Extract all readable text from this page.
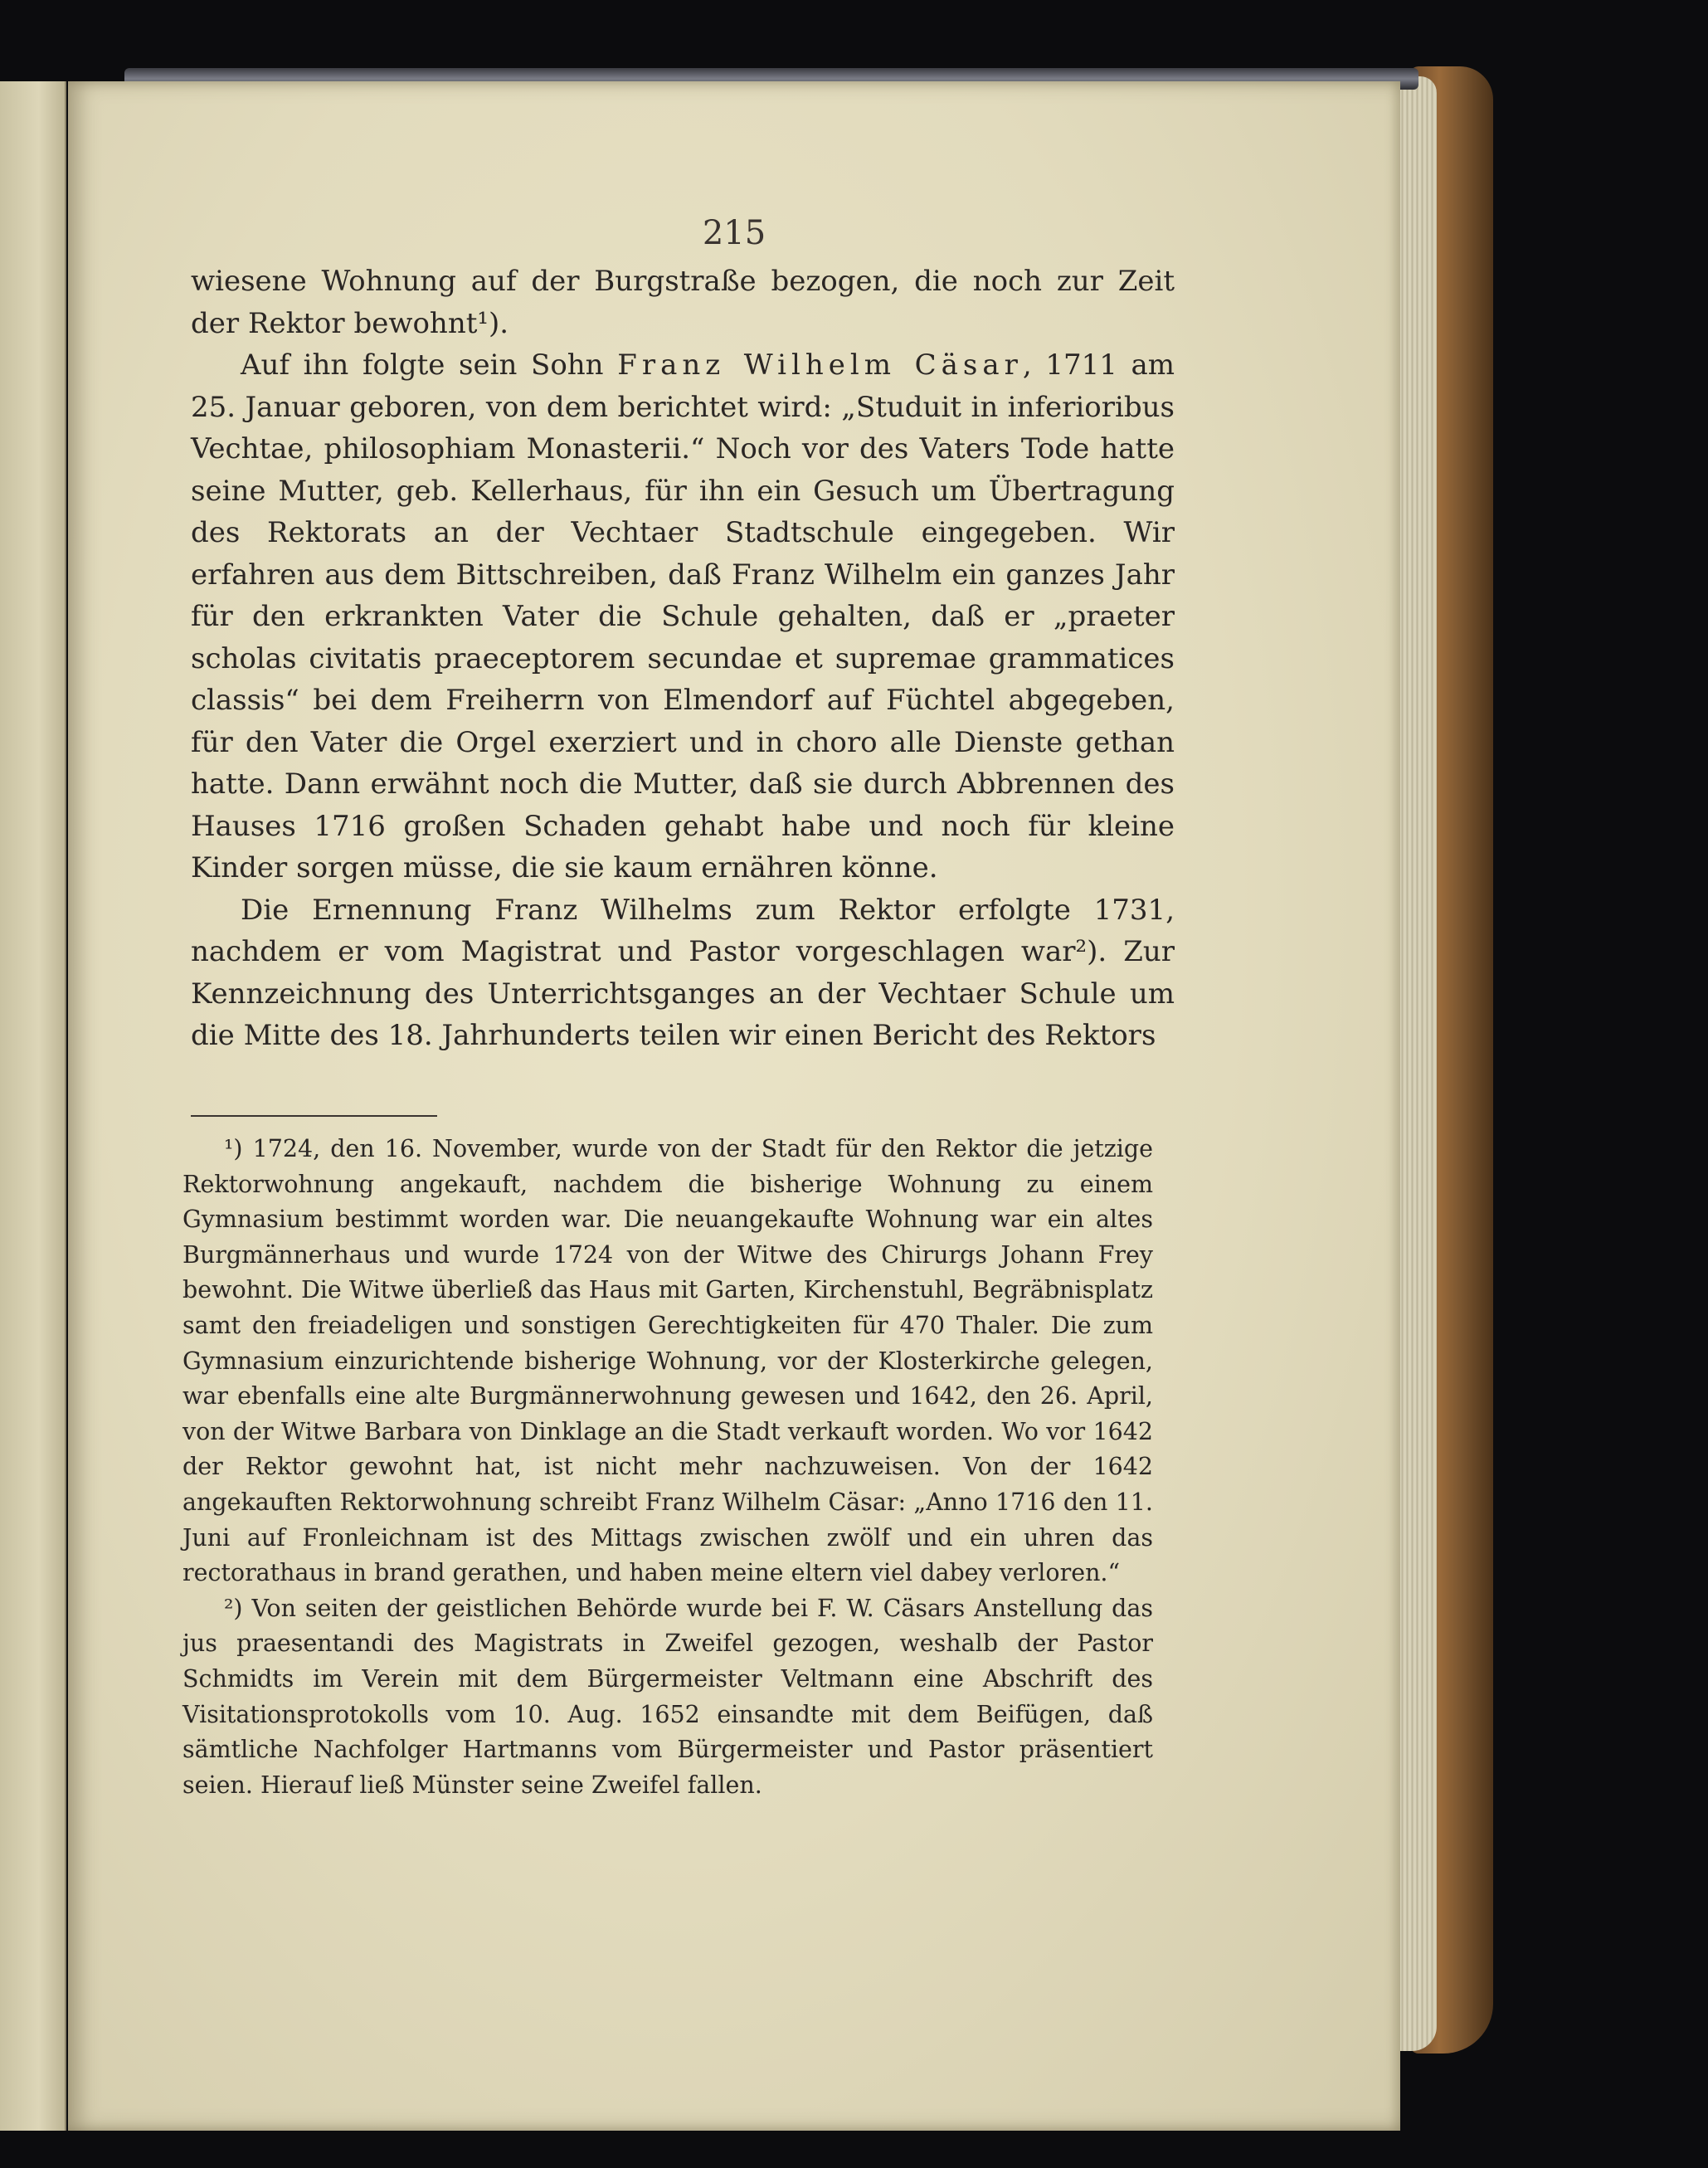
215

wiesene Wohnung auf der Burgstraße bezogen, die noch zur Zeit der Rektor bewohnt¹).

Auf ihn folgte sein Sohn Franz Wilhelm Cäsar, 1711 am 25. Januar geboren, von dem berichtet wird: „Studuit in inferioribus Vechtae, philosophiam Monasterii.“ Noch vor des Vaters Tode hatte seine Mutter, geb. Kellerhaus, für ihn ein Gesuch um Übertragung des Rektorats an der Vechtaer Stadtschule eingegeben. Wir erfahren aus dem Bittschreiben, daß Franz Wilhelm ein ganzes Jahr für den erkrankten Vater die Schule gehalten, daß er „praeter scholas civitatis praeceptorem secundae et supremae grammatices classis“ bei dem Freiherrn von Elmendorf auf Füchtel abgegeben, für den Vater die Orgel exerziert und in choro alle Dienste gethan hatte. Dann erwähnt noch die Mutter, daß sie durch Abbrennen des Hauses 1716 großen Schaden gehabt habe und noch für kleine Kinder sorgen müsse, die sie kaum ernähren könne.

Die Ernennung Franz Wilhelms zum Rektor erfolgte 1731, nachdem er vom Magistrat und Pastor vorgeschlagen war²). Zur Kennzeichnung des Unterrichtsganges an der Vechtaer Schule um die Mitte des 18. Jahrhunderts teilen wir einen Bericht des Rektors

¹) 1724, den 16. November, wurde von der Stadt für den Rektor die jetzige Rektorwohnung angekauft, nachdem die bisherige Wohnung zu einem Gymnasium bestimmt worden war. Die neuangekaufte Wohnung war ein altes Burgmännerhaus und wurde 1724 von der Witwe des Chirurgs Johann Frey bewohnt. Die Witwe überließ das Haus mit Garten, Kirchenstuhl, Begräbnisplatz samt den freiadeligen und sonstigen Gerechtigkeiten für 470 Thaler. Die zum Gymnasium einzurichtende bisherige Wohnung, vor der Klosterkirche gelegen, war ebenfalls eine alte Burgmännerwohnung gewesen und 1642, den 26. April, von der Witwe Barbara von Dinklage an die Stadt verkauft worden. Wo vor 1642 der Rektor gewohnt hat, ist nicht mehr nachzuweisen. Von der 1642 angekauften Rektorwohnung schreibt Franz Wilhelm Cäsar: „Anno 1716 den 11. Juni auf Fronleichnam ist des Mittags zwischen zwölf und ein uhren das rectorathaus in brand gerathen, und haben meine eltern viel dabey verloren.“

²) Von seiten der geistlichen Behörde wurde bei F. W. Cäsars Anstellung das jus praesentandi des Magistrats in Zweifel gezogen, weshalb der Pastor Schmidts im Verein mit dem Bürgermeister Veltmann eine Abschrift des Visitationsprotokolls vom 10. Aug. 1652 einsandte mit dem Beifügen, daß sämtliche Nachfolger Hartmanns vom Bürgermeister und Pastor präsentiert seien. Hierauf ließ Münster seine Zweifel fallen.
